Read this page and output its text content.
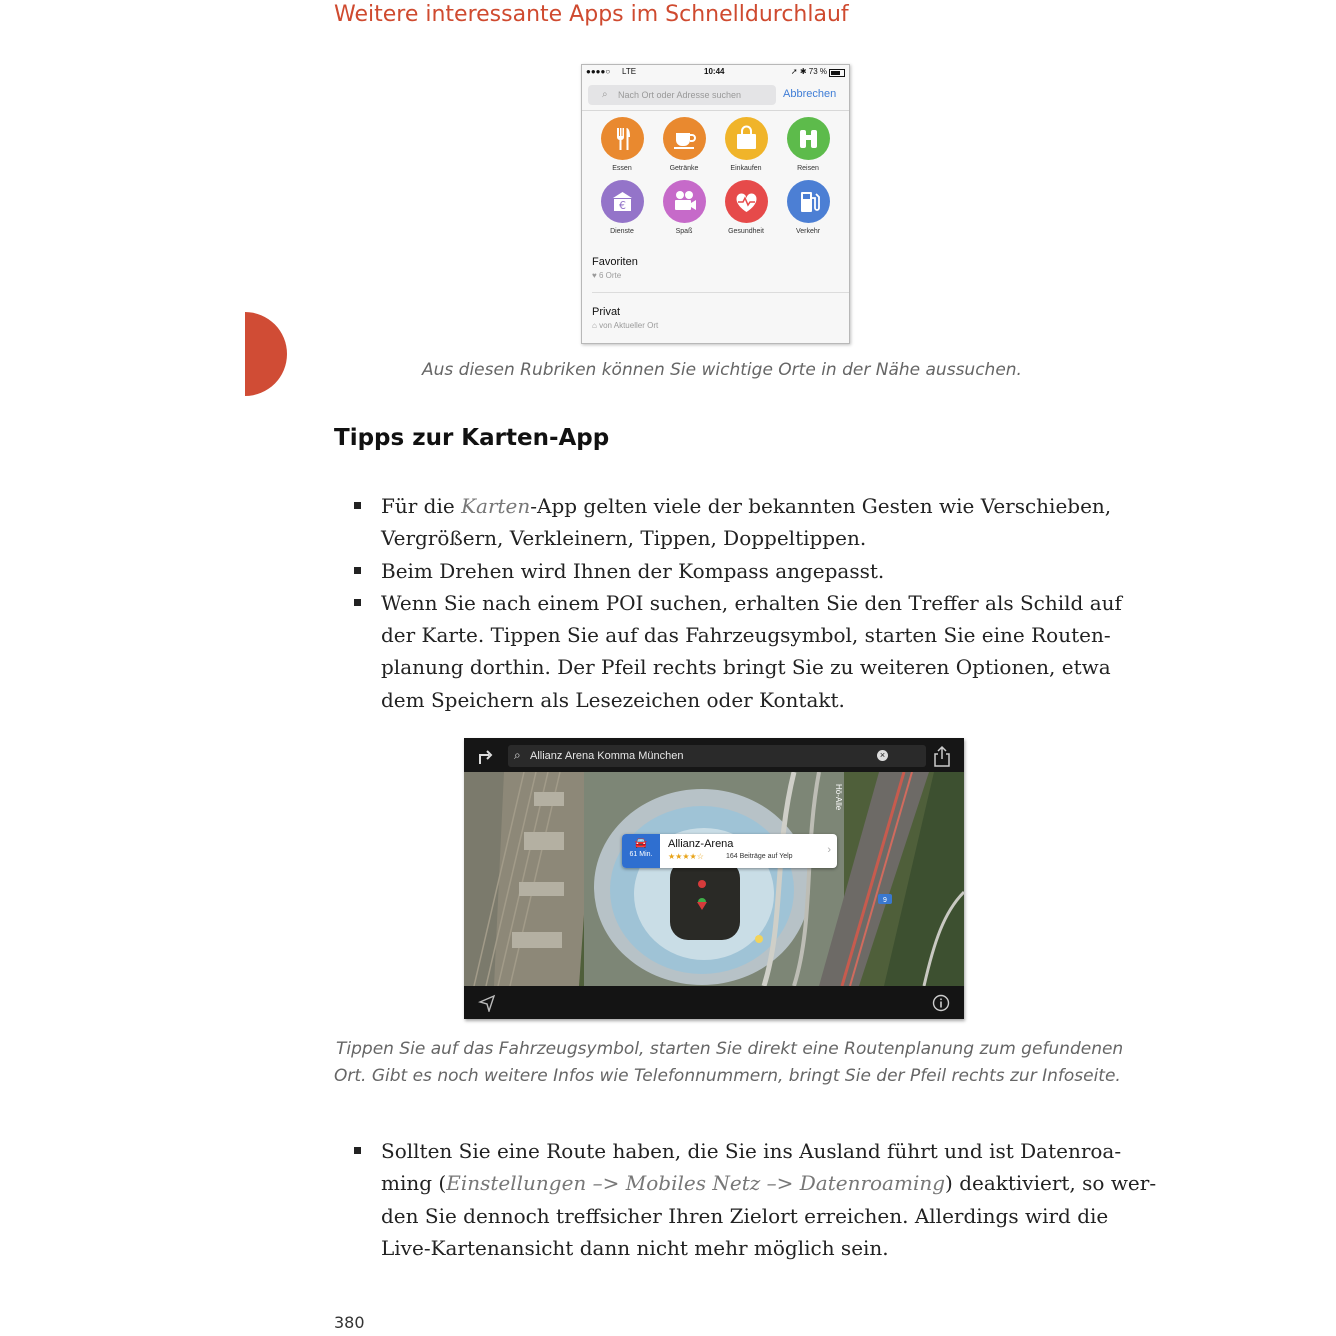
Weitere interessante Apps im Schnelldurchlauf
●●●●○ LTE	10:44	➚ ✱ 73 %
⌕ Nach Ort oder Adresse suchen	Abbrechen
Essen	Getränke	Einkaufen	Reisen
€
Dienste	Spaß	Gesundheit	Verkehr
Favoriten
♥ 6 Orte
Privat
⌂ von Aktueller Ort
Aus diesen Rubriken können Sie wichtige Orte in der Nähe aussuchen.
Tipps zur Karten-App
Für die Karten-App gelten viele der bekannten Gesten wie Verschieben,
Vergrößern, Verkleinern, Tippen, Doppeltippen.
Beim Drehen wird Ihnen der Kompass angepasst.
Wenn Sie nach einem POI suchen, erhalten Sie den Treffer als Schild auf
der Karte. Tippen Sie auf das Fahrzeugsymbol, starten Sie eine Routen-
planung dorthin. Der Pfeil rechts bringt Sie zu weiteren Optionen, etwa
dem Speichern als Lesezeichen oder Kontakt.
⌕ Allianz Arena Komma München	×
9
Hö-Alle
🚘
61 Min.
Allianz-Arena
★★★★☆	164 Beiträge auf Yelp
›
Tippen Sie auf das Fahrzeugsymbol, starten Sie direkt eine Routenplanung zum gefundenen
Ort. Gibt es noch weitere Infos wie Telefonnummern, bringt Sie der Pfeil rechts zur Infoseite.
Sollten Sie eine Route haben, die Sie ins Ausland führt und ist Datenroa-
ming (Einstellungen –> Mobiles Netz –> Datenroaming) deaktiviert, so wer-
den Sie dennoch treffsicher Ihren Zielort erreichen. Allerdings wird die
Live-Kartenansicht dann nicht mehr möglich sein.
380
